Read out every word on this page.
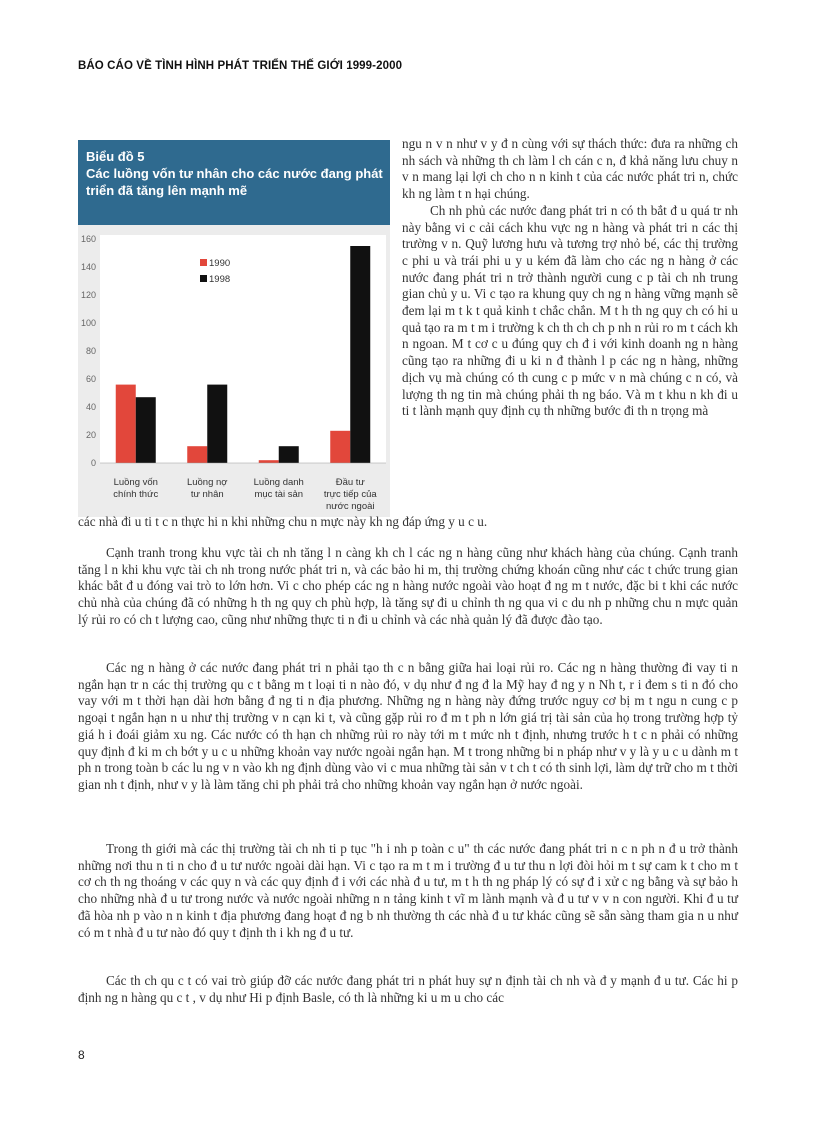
BÁO CÁO VỀ TÌNH HÌNH PHÁT TRIỂN THẾ GIỚI 1999-2000
Biểu đồ 5
Các luồng vốn tư nhân cho các nước đang phát
triển đã tăng lên mạnh mẽ
0
20
40
60
80
100
120
140
160
Luồng vốn
chính thức
Luồng nợ
tư nhân
Luồng danh
mục tài sản
Đầu tư
trực tiếp của
nước ngoài
1990
1998

ngu n v n như v y đ n cùng với sự thách thức: đưa ra những ch nh sách và những th ch làm l ch cán c n, đ khả năng lưu chuy n v n mang lại lợi ch cho n n kinh t của các nước phát tri n, chức kh ng làm t n hại chúng.

Ch nh phủ các nước đang phát tri n có th bắt đ u quá tr nh này bằng vi c cải cách khu vực ng n hàng và phát tri n các thị trường v n. Quỹ lương hưu và tương trợ nhỏ bé, các thị trường c phi u và trái phi u y u kém đã làm cho các ng n hàng ở các nước đang phát tri n trở thành người cung c p tài ch nh trung gian chủ y u. Vi c tạo ra khung quy ch ng n hàng vững mạnh sẽ đem lại m t k t quả kinh t chắc chắn. M t h th ng quy ch có hi u quả tạo ra m t m i trường k ch th ch ch p nh n rủi ro m t cách kh n ngoan. M t cơ c u đúng quy ch đ i với kinh doanh ng n hàng cũng tạo ra những đi u ki n đ thành l p các ng n hàng, những dịch vụ mà chúng có th cung c p mức v n mà chúng c n có, và lượng th ng tin mà chúng phải th ng báo. Và m t khu n kh đi u ti t lành mạnh quy định cụ th những bước đi th n trọng mà

các nhà đi u ti t c n thực hi n khi những chu n mực này kh ng đáp ứng y u c u.

Cạnh tranh trong khu vực tài ch nh tăng l n càng kh ch l các ng n hàng cũng như khách hàng của chúng. Cạnh tranh tăng l n khi khu vực tài ch nh trong nước phát tri n, và các bảo hi m, thị trường chứng khoán cũng như các t chức trung gian khác bắt đ u đóng vai trò to lớn hơn. Vi c cho phép các ng n hàng nước ngoài vào hoạt đ ng m t nước, đặc bi t khi các nước chủ nhà của chúng đã có những h th ng quy ch phù hợp, là tăng sự đi u chỉnh th ng qua vi c du nh p những chu n mực quản lý rủi ro có ch t lượng cao, cũng như những thực ti n đi u chỉnh và các nhà quản lý đã được đào tạo.

Các ng n hàng ở các nước đang phát tri n phải tạo th c n bằng giữa hai loại rủi ro. Các ng n hàng thường đi vay ti n ngắn hạn tr n các thị trường qu c t bằng m t loại ti n nào đó, v dụ như đ ng đ la Mỹ hay đ ng y n Nh t, r i đem s ti n đó cho vay với m t thời hạn dài hơn bằng đ ng ti n địa phương. Những ng n hàng này đứng trước nguy cơ bị m t ngu n cung c p ngoại t ngắn hạn n u như thị trường v n cạn ki t, và cũng gặp rủi ro đ m t ph n lớn giá trị tài sản của họ trong trường hợp tỷ giá h i đoái giảm xu ng. Các nước có th hạn ch những rủi ro này tới m t mức nh t định, nhưng trước h t c n phải có những quy định đ ki m ch bớt y u c u những khoản vay nước ngoài ngắn hạn. M t trong những bi n pháp như v y là y u c u dành m t ph n trong toàn b các lu ng v n vào kh ng định dùng vào vi c mua những tài sản v t ch t có th sinh lợi, làm dự trữ cho m t thời gian nh t định, như v y là làm tăng chi ph phải trả cho những khoản vay ngắn hạn ở nước ngoài.

Trong th giới mà các thị trường tài ch nh ti p tục "h i nh p toàn c u" th các nước đang phát tri n c n ph n đ u trở thành những nơi thu n ti n cho đ u tư nước ngoài dài hạn. Vi c tạo ra m t m i trường đ u tư thu n lợi đòi hỏi m t sự cam k t cho m t cơ ch th ng thoáng v các quy n và các quy định đ i với các nhà đ u tư, m t h th ng pháp lý có sự đ i xử c ng bằng và sự bảo h cho những nhà đ u tư trong nước và nước ngoài những n n tảng kinh t vĩ m lành mạnh và đ u tư v v n con người. Khi đ u tư đã hòa nh p vào n n kinh t địa phương đang hoạt đ ng b nh thường th các nhà đ u tư khác cũng sẽ sẵn sàng tham gia n u như có m t nhà đ u tư nào đó quy t định th i kh ng đ u tư.

Các th ch qu c t có vai trò giúp đỡ các nước đang phát tri n phát huy sự n định tài ch nh và đ y mạnh đ u tư. Các hi p định ng n hàng qu c t , v dụ như Hi p định Basle, có th là những ki u m u cho các

8
